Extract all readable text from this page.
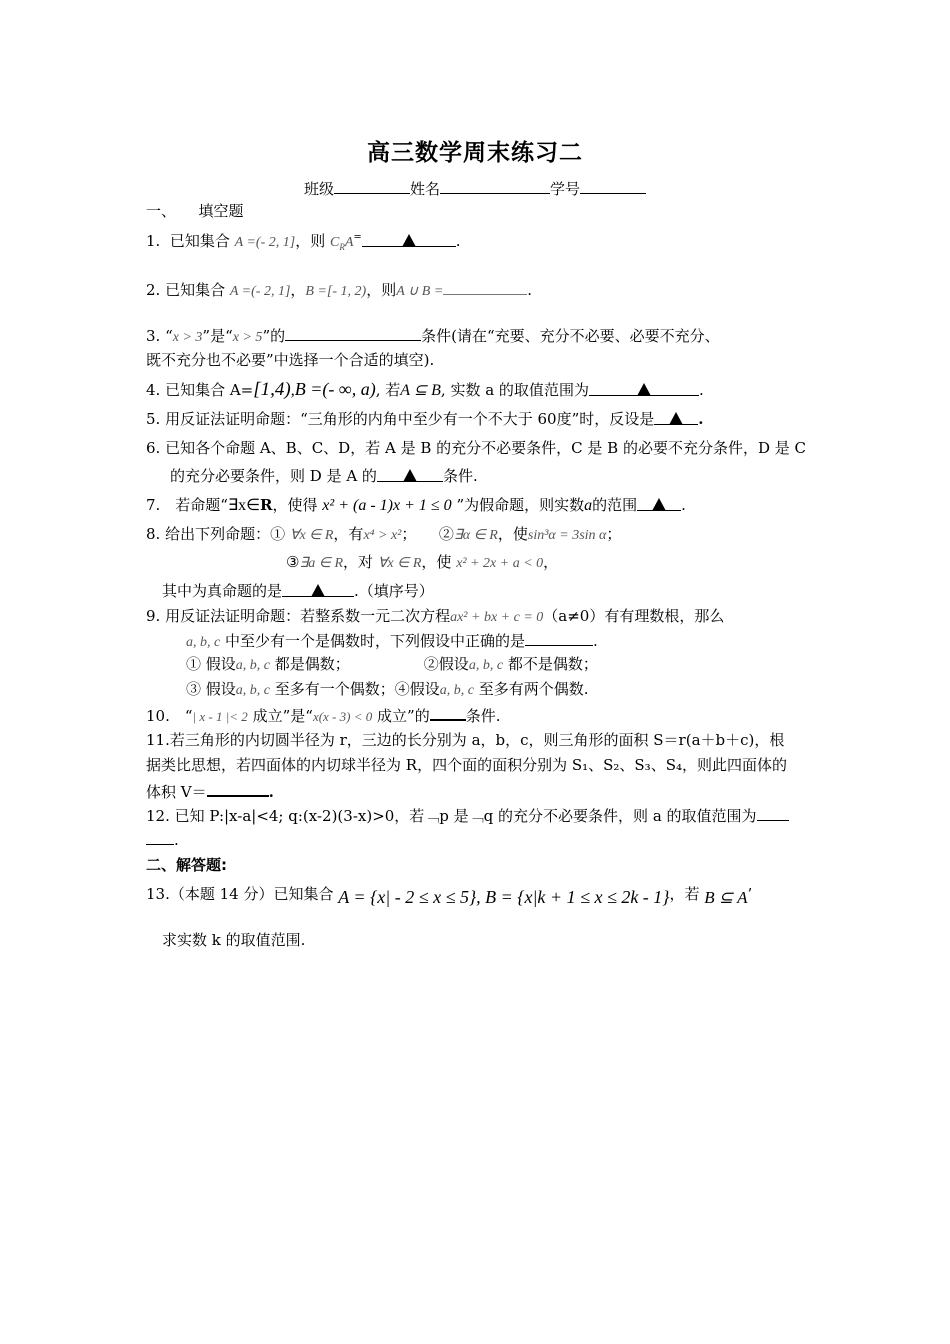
高三数学周末练习二
班级	姓名	学号
一、　　填空题
1. 已知集合 A =(- 2, 1]，则 $C_RA^=$	.
2. 已知集合 A =(- 2, 1]，B =[- 1, 2)，则A ∪ B =	.
3. “x > 3”是“x > 5”的	条件(请在“充要、充分不必要、必要不充分、
既不充分也不必要”中选择一个合适的填空).
4. 已知集合 A=[1,4),B =(- ∞, a), 若A ⊆ B, 实数 a 的取值范围为	.
5. 用反证法证明命题：“三角形的内角中至少有一个不大于 60度”时，反设是	.
6. 已知各个命题 A、B、C、D，若 A 是 B 的充分不必要条件，C 是 B 的必要不充分条件，D 是 C
的充分必要条件，则 D 是 A 的	条件.
7.　若命题“∃x∈R，使得 x² + (a - 1)x + 1 ≤ 0 ”为假命题，则实数a的范围	.
8. 给出下列命题：① ∀x ∈ R，有x⁴ > x²；　　②∃α ∈ R，使sin³α = 3sin α；
③∃a ∈ R，对 ∀x ∈ R，使 x² + 2x + a < 0，
其中为真命题的是	.（填序号）
9. 用反证法证明命题：若整系数一元二次方程ax² + bx + c = 0（a≠0）有有理数根，那么
a, b, c 中至少有一个是偶数时，下列假设中正确的是	.
① 假设a, b, c 都是偶数；	②假设a, b, c 都不是偶数；
③ 假设a, b, c 至多有一个偶数；④假设a, b, c 至多有两个偶数.
10.　“| x - 1 |< 2 成立”是“x(x - 3) < 0 成立”的 条件.
11.若三角形的内切圆半径为 r，三边的长分别为 a，b，c，则三角形的面积 S＝r(a＋b＋c)，根
据类比思想，若四面体的内切球半径为 R，四个面的面积分别为 S₁、S₂、S₃、S₄，则此四面体的
体积 V＝	.
12. 已知 P:|x-a|<4; q:(x-2)(3-x)>0，若﹁p 是﹁q 的充分不必要条件，则 a 的取值范围为
.
二、解答题:
13.（本题 14 分）已知集合 A = {x| - 2 ≤ x ≤ 5}, B = {x|k + 1 ≤ x ≤ 2k - 1}，若 B ⊆ A’
求实数 k 的取值范围.
